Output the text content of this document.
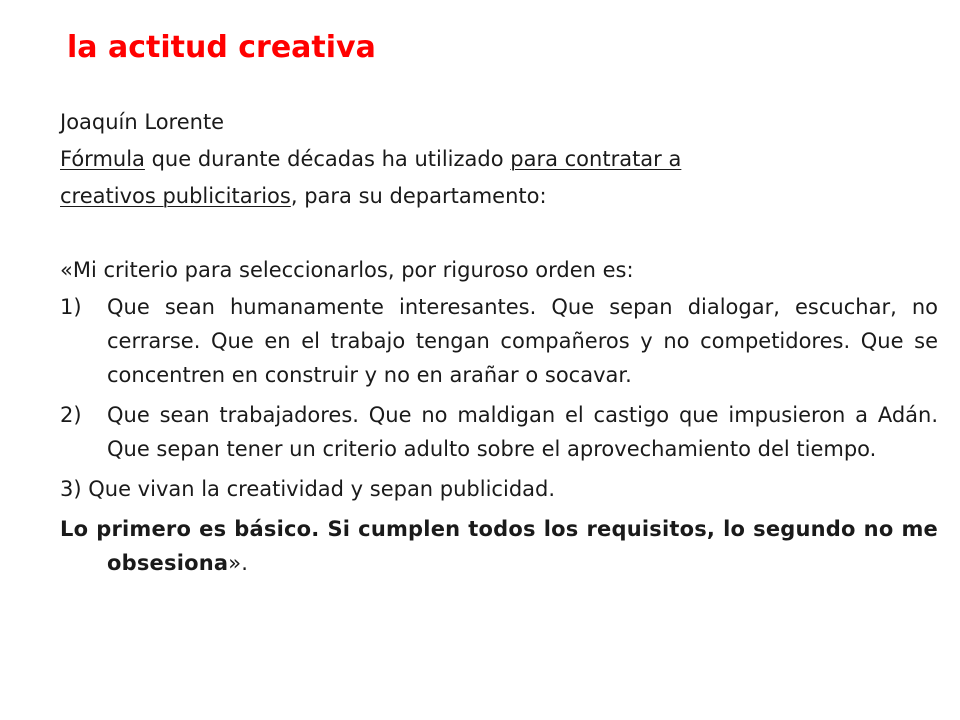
la actitud creativa

Joaquín Lorente

Fórmula que durante décadas ha utilizado para contratar a

creativos publicitarios, para su departamento:

«Mi criterio para seleccionarlos, por riguroso orden es:

1) Que sean humanamente interesantes. Que sepan dialogar, escuchar, no cerrarse. Que en el trabajo tengan compañeros y no competidores. Que se concentren en construir y no en arañar o socavar.
2) Que sean trabajadores. Que no maldigan el castigo que impusieron a Adán. Que sepan tener un criterio adulto sobre el aprovechamiento del tiempo.
3) Que vivan la creatividad y sepan publicidad.
Lo primero es básico. Si cumplen todos los requisitos, lo segundo no me obsesiona».
